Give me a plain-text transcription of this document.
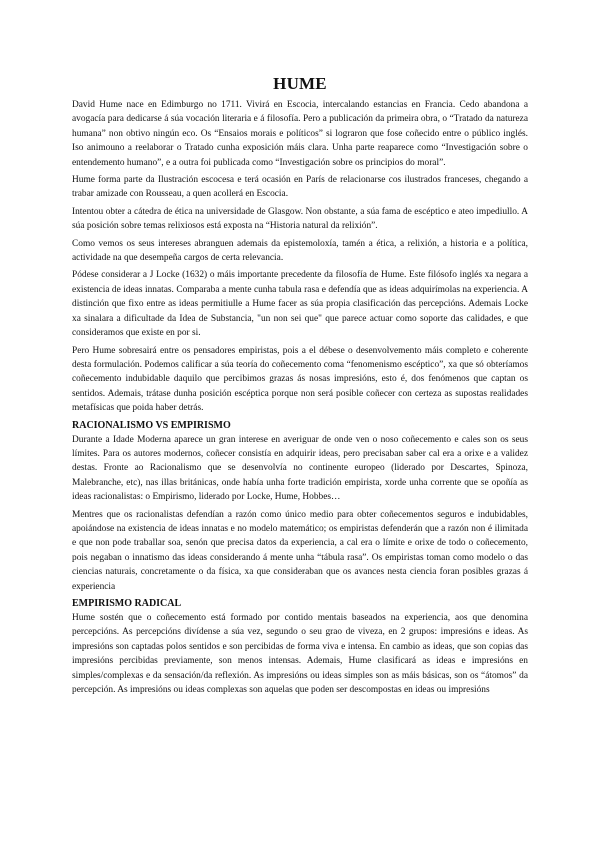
HUME

David Hume nace en Edimburgo no 1711. Vivirá en Escocia, intercalando estancias en Francia. Cedo abandona a avogacía para dedicarse á súa vocación literaria e á filosofía. Pero a publicación da primeira obra, o “Tratado da natureza humana” non obtivo ningún eco. Os “Ensaios morais e políticos” si lograron que fose coñecido entre o público inglés. Iso animouno a reelaborar o Tratado cunha exposición máis clara. Unha parte reaparece como “Investigación sobre o entendemento humano”, e a outra foi publicada como “Investigación sobre os principios do moral”.

Hume forma parte da Ilustración escocesa e terá ocasión en París de relacionarse cos ilustrados franceses, chegando a trabar amizade con Rousseau, a quen acollerá en Escocia.

Intentou obter a cátedra de ética na universidade de Glasgow. Non obstante, a súa fama de escéptico e ateo impediullo. A súa posición sobre temas relixiosos está exposta na “Historia natural da relixión”.

Como vemos os seus intereses abranguen ademais da epistemoloxía, tamén a ética, a relixión, a historia e a política, actividade na que desempeña cargos de certa relevancia.

Pódese considerar a J Locke (1632) o máis importante precedente da filosofía de Hume. Este filósofo inglés xa negara a existencia de ideas innatas. Comparaba a mente cunha tabula rasa e defendía que as ideas adquirímolas na experiencia. A distinción que fixo entre as ideas permitiulle a Hume facer as súa propia clasificación das percepcións. Ademais Locke xa sinalara a dificultade da Idea de Substancia, "un non sei que" que parece actuar como soporte das calidades, e que consideramos que existe en por si.

Pero Hume sobresairá entre os pensadores empiristas, pois a el débese o desenvolvemento máis completo e coherente desta formulación. Podemos calificar a súa teoría do coñecemento coma “fenomenismo escéptico”, xa que só obteríamos coñecemento indubidable daquilo que percibimos grazas ás nosas impresións, esto é, dos fenómenos que captan os sentidos. Ademais, trátase dunha posición escéptica porque non será posible coñecer con certeza as supostas realidades metafísicas que poida haber detrás.

RACIONALISMO VS EMPIRISMO

Durante a Idade Moderna aparece un gran interese en averiguar de onde ven o noso coñecemento e cales son os seus límites. Para os autores modernos, coñecer consistía en adquirir ideas, pero precisaban saber cal era a orixe e a validez destas. Fronte ao Racionalismo que se desenvolvía no continente europeo (liderado por Descartes, Spinoza, Malebranche, etc), nas illas británicas, onde había unha forte tradición empirista, xorde unha corrente que se opoñía as ideas racionalistas: o Empirismo, liderado por Locke, Hume, Hobbes…

Mentres que os racionalistas defendían a razón como único medio para obter coñecementos seguros e indubidables, apoiándose na existencia de ideas innatas e no modelo matemático; os empiristas defenderán que a razón non é ilimitada e que non pode traballar soa, senón que precisa datos da experiencia, a cal era o límite e orixe de todo o coñecemento, pois negaban o innatismo das ideas considerando á mente unha “tábula rasa”. Os empiristas toman como modelo o das ciencias naturais, concretamente o da física, xa que consideraban que os avances nesta ciencia foran posibles grazas á experiencia

EMPIRISMO RADICAL

Hume sostén que o coñecemento está formado por contido mentais baseados na experiencia, aos que denomina percepcións. As percepcións divídense a súa vez, segundo o seu grao de viveza, en 2 grupos: impresións e ideas. As impresións son captadas polos sentidos e son percibidas de forma viva e intensa. En cambio as ideas, que son copias das impresións percibidas previamente, son menos intensas. Ademais, Hume clasificará as ideas e impresións en simples/complexas e da sensación/da reflexión. As impresións ou ideas simples son as máis básicas, son os “átomos” da percepción. As impresións ou ideas complexas son aquelas que poden ser descompostas en ideas ou impresións
